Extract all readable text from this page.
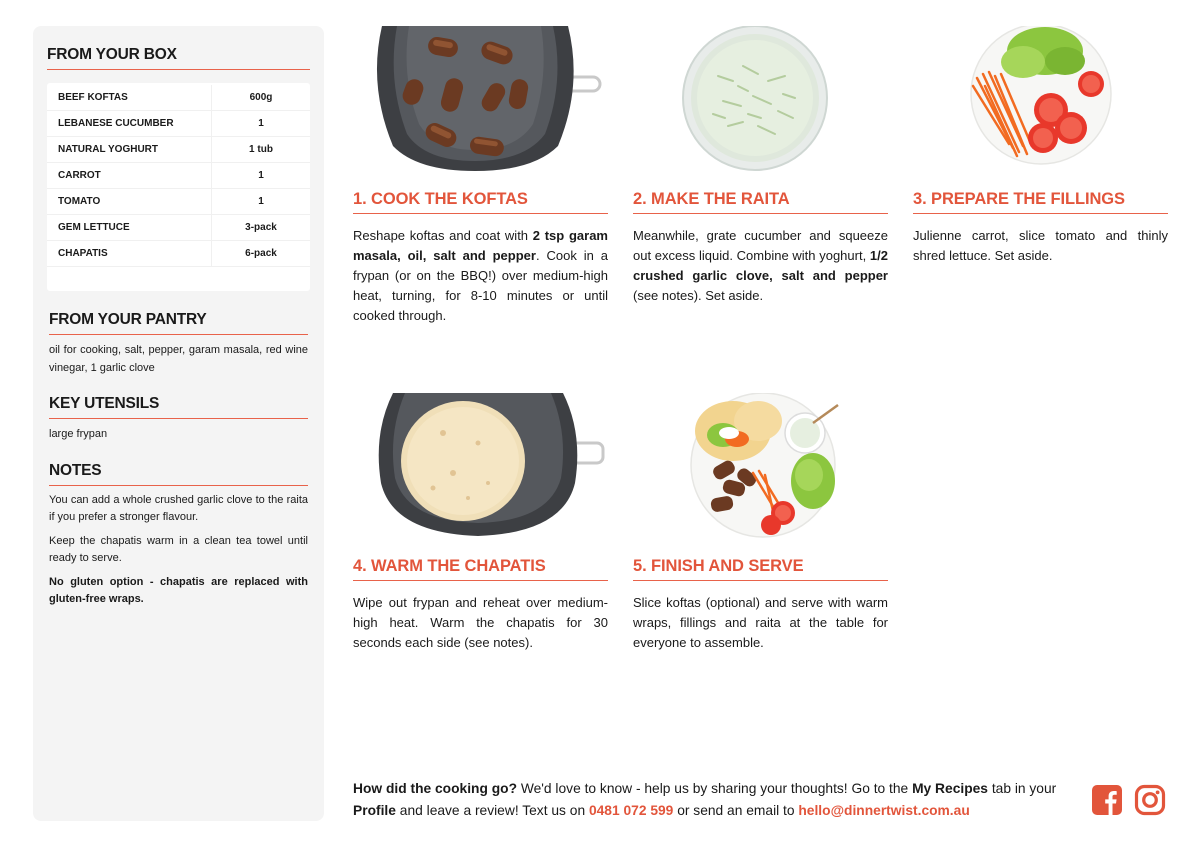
FROM YOUR BOX
BEEF KOFTAS	600g
LEBANESE CUCUMBER	1
NATURAL YOGHURT	1 tub
CARROT	1
TOMATO	1
GEM LETTUCE	3-pack
CHAPATIS	6-pack
FROM YOUR PANTRY
oil for cooking, salt, pepper, garam masala, red wine vinegar, 1 garlic clove
KEY UTENSILS
large frypan
NOTES
You can add a whole crushed garlic clove to the raita if you prefer a stronger flavour.
Keep the chapatis warm in a clean tea towel until ready to serve.
No gluten option - chapatis are replaced with gluten-free wraps.
1. COOK THE KOFTAS
Reshape koftas and coat with 2 tsp garam masala, oil, salt and pepper. Cook in a frypan (or on the BBQ!) over medium-high heat, turning, for 8-10 minutes or until cooked through.
2. MAKE THE RAITA
Meanwhile, grate cucumber and squeeze out excess liquid. Combine with yoghurt, 1/2 crushed garlic clove, salt and pepper (see notes). Set aside.
3. PREPARE THE FILLINGS
Julienne carrot, slice tomato and thinly shred lettuce. Set aside.
4. WARM THE CHAPATIS
Wipe out frypan and reheat over medium-high heat. Warm the chapatis for 30 seconds each side (see notes).
5. FINISH AND SERVE
Slice koftas (optional) and serve with warm wraps, fillings and raita at the table for everyone to assemble.
How did the cooking go? We'd love to know - help us by sharing your thoughts! Go to the My Recipes tab in your Profile and leave a review! Text us on 0481 072 599 or send an email to hello@dinnertwist.com.au
